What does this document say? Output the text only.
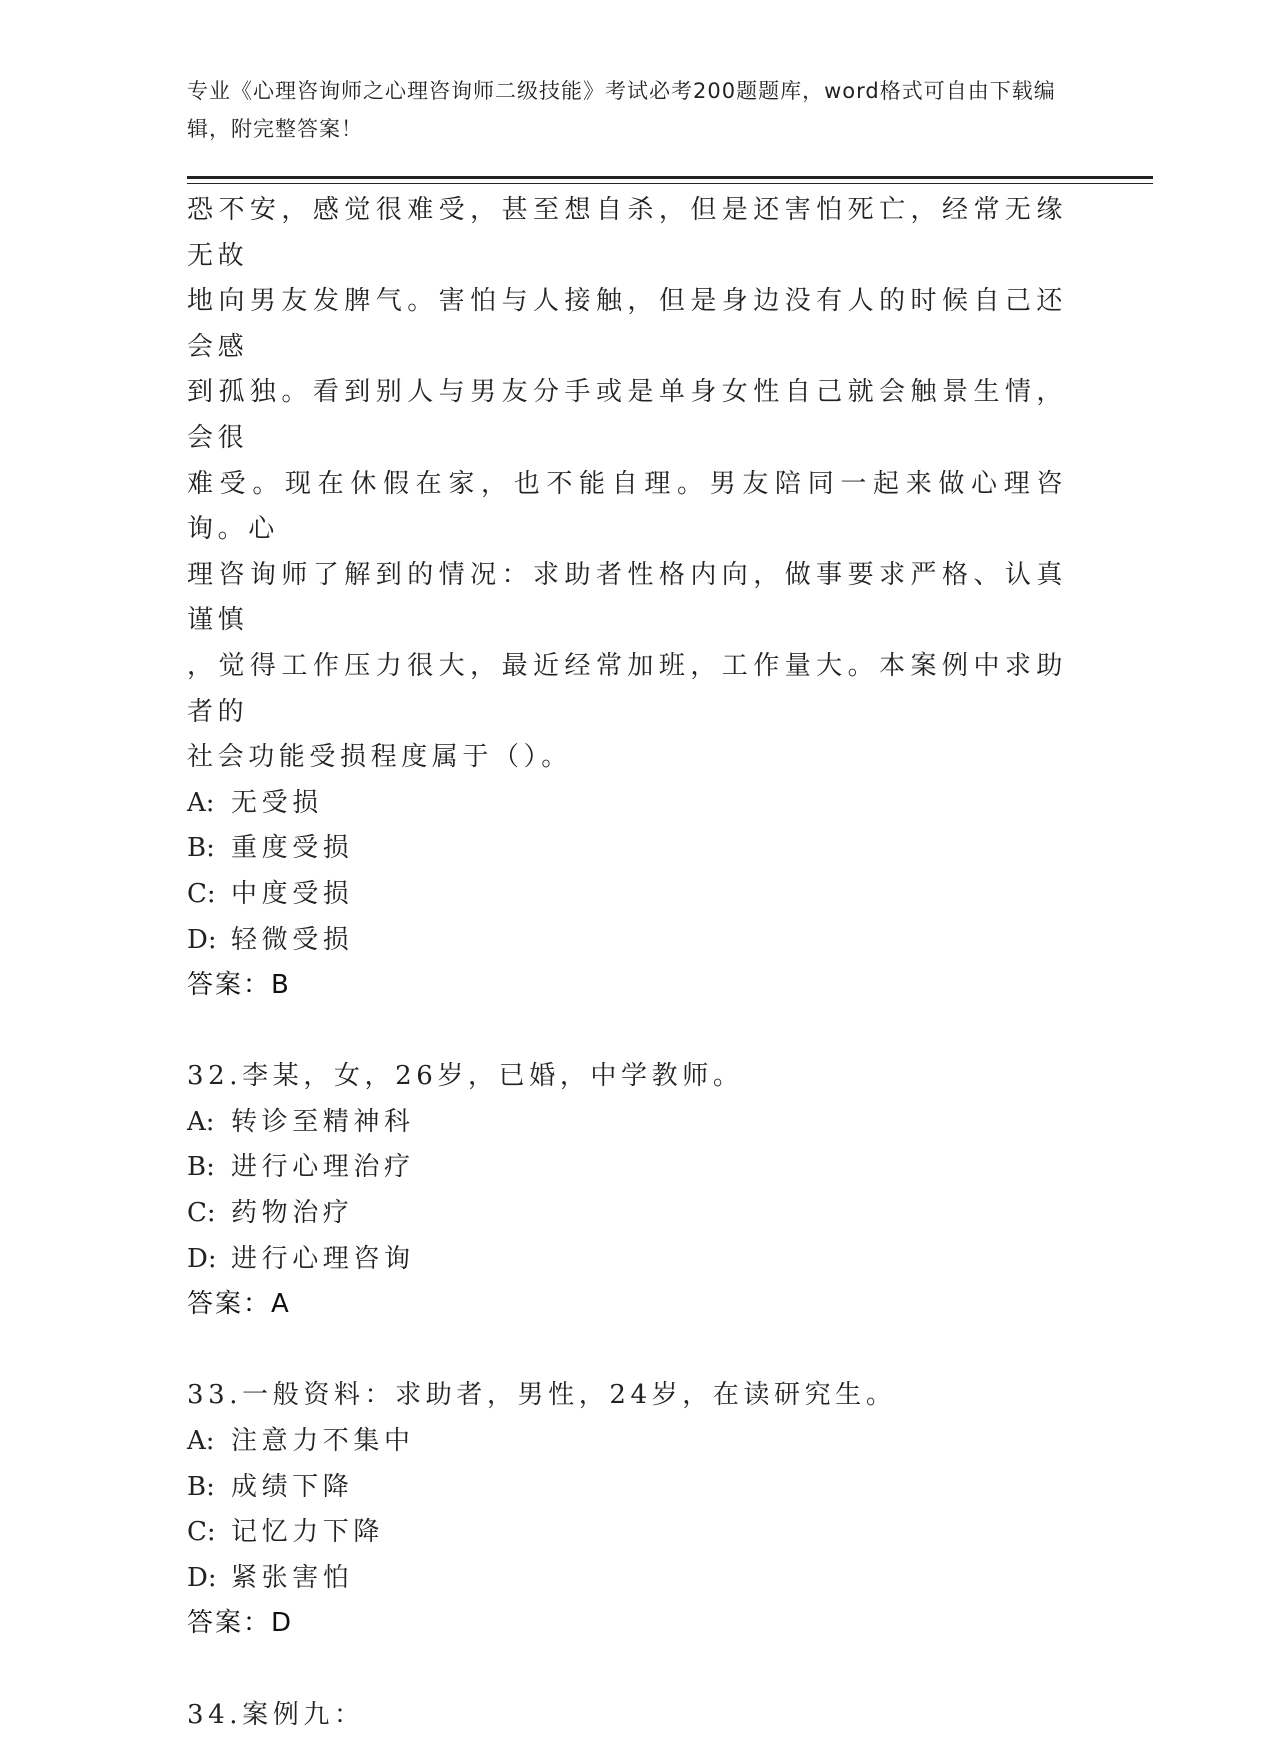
专业《心理咨询师之心理咨询师二级技能》考试必考200题题库，word格式可自由下载编辑，附完整答案！

恐不安，感觉很难受，甚至想自杀，但是还害怕死亡，经常无缘无故

地向男友发脾气。害怕与人接触，但是身边没有人的时候自己还会感

到孤独。看到别人与男友分手或是单身女性自己就会触景生情，会很

难受。现在休假在家，也不能自理。男友陪同一起来做心理咨询。心

理咨询师了解到的情况：求助者性格内向，做事要求严格、认真谨慎

，觉得工作压力很大，最近经常加班，工作量大。本案例中求助者的

社会功能受损程度属于（）。

A: 无受损

B: 重度受损

C: 中度受损

D: 轻微受损

答案：B

32.李某，女，26岁，已婚，中学教师。

A: 转诊至精神科

B: 进行心理治疗

C: 药物治疗

D: 进行心理咨询

答案：A

33.一般资料：求助者，男性，24岁，在读研究生。

A: 注意力不集中

B: 成绩下降

C: 记忆力下降

D: 紧张害怕

答案：D

34.案例九：
